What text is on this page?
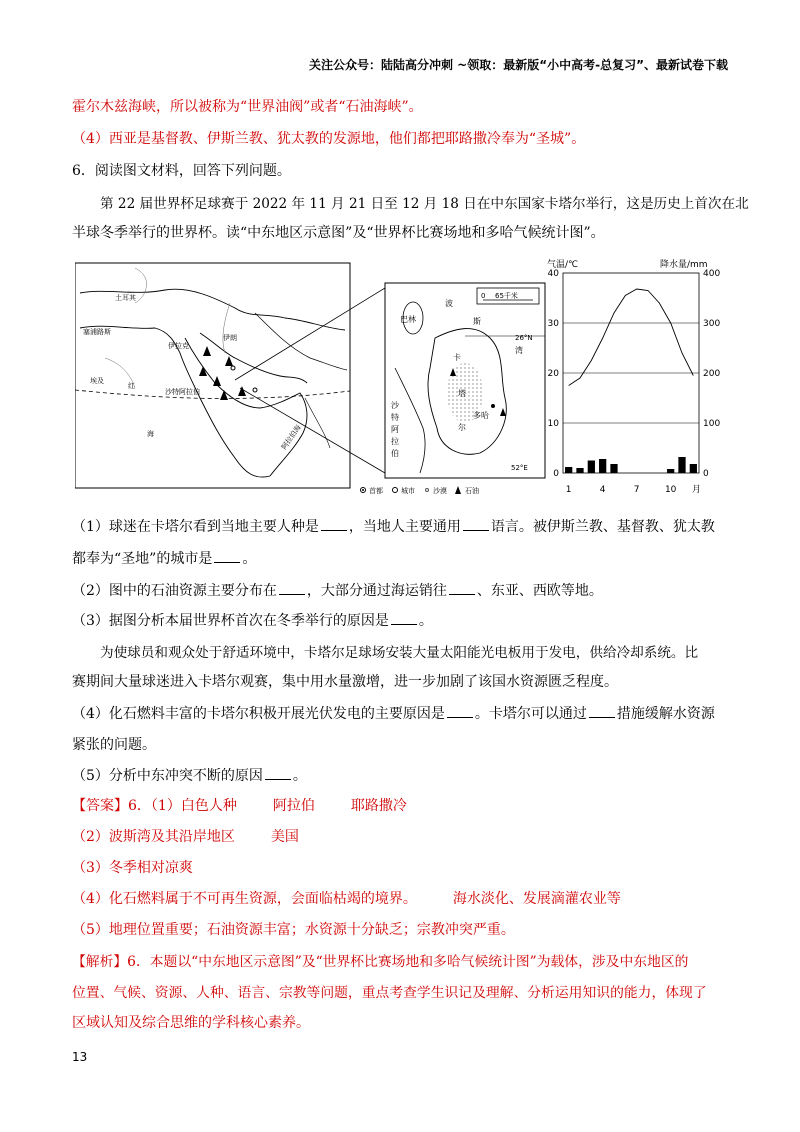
关注公众号：陆陆高分冲刺 ~领取：最新版“小中高考-总复习”、最新试卷下载
霍尔木兹海峡，所以被称为“世界油阀”或者“石油海峡”。
（4）西亚是基督教、伊斯兰教、犹太教的发源地，他们都把耶路撒冷奉为“圣城”。
6．阅读图文材料，回答下列问题。
第 22 届世界杯足球赛于 2022 年 11 月 21 日至 12 月 18 日在中东国家卡塔尔举行，这是历史上首次在北
半球冬季举行的世界杯。读“中东地区示意图”及“世界杯比赛场地和多哈气候统计图”。
土耳其
塞浦路斯
伊朗
伊拉克
埃及
沙特阿拉伯
红
海	阿拉伯海
0 65千米
波
斯
湾
26°N
巴林
卡
塔
尔
多哈
沙
特
阿
拉
伯
52°E
首都	城市	沙漠	石油
气温/℃	降水量/mm
0
10
20
30
40
0
100
200
300
400
1	4	7	10 月
（1）球迷在卡塔尔看到当地主要人种是 ，当地人主要通用 语言。被伊斯兰教、基督教、犹太教
都奉为“圣地”的城市是 。
（2）图中的石油资源主要分布在 ，大部分通过海运销往 、东亚、西欧等地。
（3）据图分析本届世界杯首次在冬季举行的原因是 。
为使球员和观众处于舒适环境中，卡塔尔足球场安装大量太阳能光电板用于发电，供给冷却系统。比
赛期间大量球迷进入卡塔尔观赛，集中用水量激增，进一步加剧了该国水资源匮乏程度。
（4）化石燃料丰富的卡塔尔积极开展光伏发电的主要原因是 。卡塔尔可以通过 措施缓解水资源
紧张的问题。
（5）分析中东冲突不断的原因 。
【答案】6．（1）白色人种	阿拉伯	耶路撒冷
（2）波斯湾及其沿岸地区	美国
（3）冬季相对凉爽
（4）化石燃料属于不可再生资源，会面临枯竭的境界。	海水淡化、发展滴灌农业等
（5）地理位置重要；石油资源丰富；水资源十分缺乏；宗教冲突严重。
【解析】6．本题以“中东地区示意图”及“世界杯比赛场地和多哈气候统计图”为载体，涉及中东地区的
位置、气候、资源、人种、语言、宗教等问题，重点考查学生识记及理解、分析运用知识的能力，体现了
区域认知及综合思维的学科核心素养。
13
